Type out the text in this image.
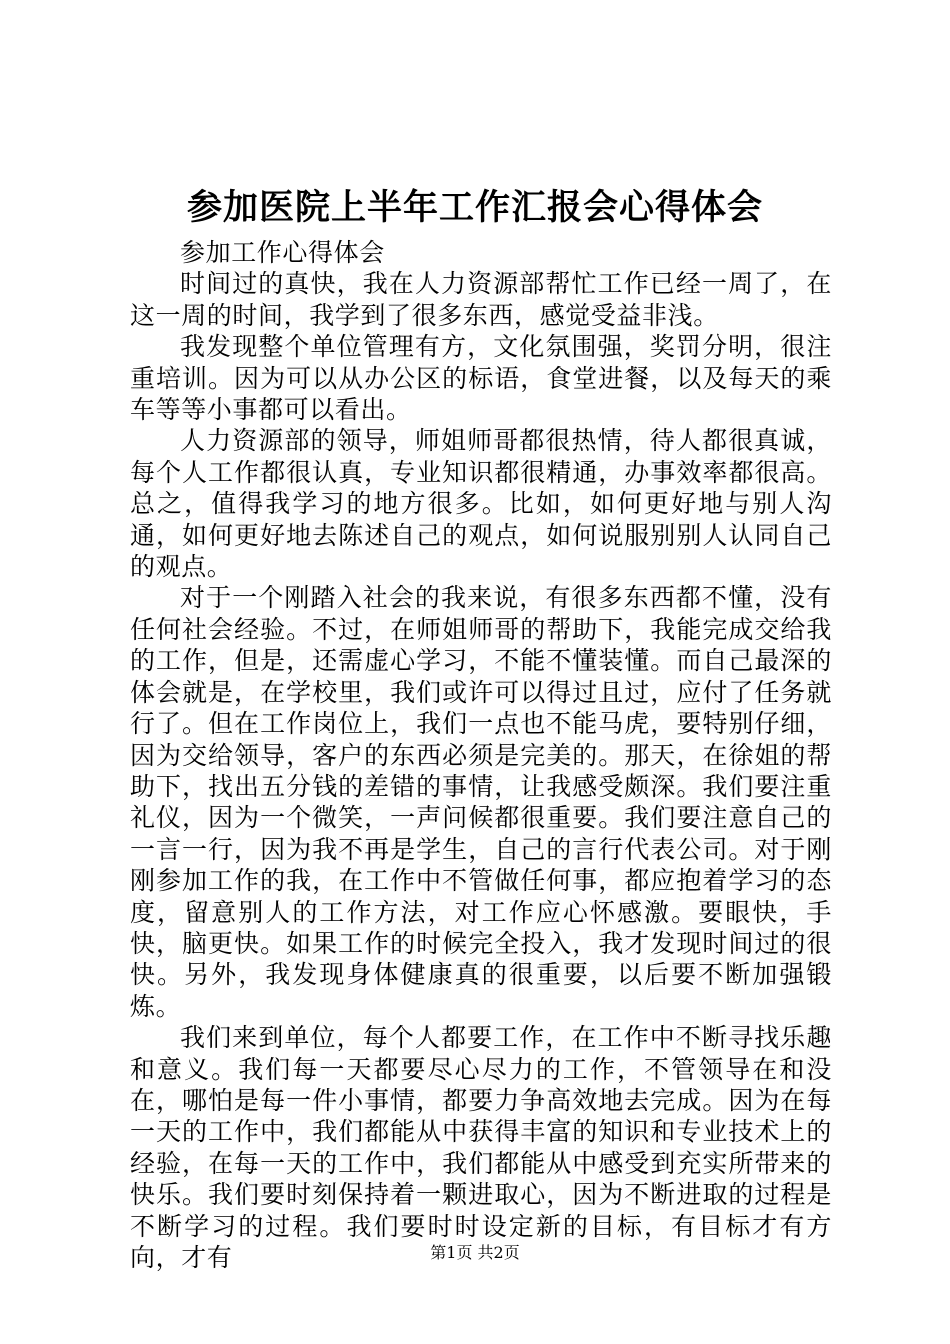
参加医院上半年工作汇报会心得体会

参加工作心得体会

时间过的真快，我在人力资源部帮忙工作已经一周了，在这一周的时间，我学到了很多东西，感觉受益非浅。

我发现整个单位管理有方，文化氛围强，奖罚分明，很注重培训。因为可以从办公区的标语，食堂进餐，以及每天的乘车等等小事都可以看出。

人力资源部的领导，师姐师哥都很热情，待人都很真诚，每个人工作都很认真，专业知识都很精通，办事效率都很高。总之，值得我学习的地方很多。比如，如何更好地与别人沟通，如何更好地去陈述自己的观点，如何说服别别人认同自己的观点。

对于一个刚踏入社会的我来说，有很多东西都不懂，没有任何社会经验。不过，在师姐师哥的帮助下，我能完成交给我的工作，但是，还需虚心学习，不能不懂装懂。而自己最深的体会就是，在学校里，我们或许可以得过且过，应付了任务就行了。但在工作岗位上，我们一点也不能马虎，要特别仔细，因为交给领导，客户的东西必须是完美的。那天，在徐姐的帮助下，找出五分钱的差错的事情，让我感受颇深。我们要注重礼仪，因为一个微笑，一声问候都很重要。我们要注意自己的一言一行，因为我不再是学生，自己的言行代表公司。对于刚刚参加工作的我，在工作中不管做任何事，都应抱着学习的态度，留意别人的工作方法，对工作应心怀感激。要眼快，手快，脑更快。如果工作的时候完全投入，我才发现时间过的很快。另外，我发现身体健康真的很重要，以后要不断加强锻炼。

我们来到单位，每个人都要工作，在工作中不断寻找乐趣和意义。我们每一天都要尽心尽力的工作，不管领导在和没在，哪怕是每一件小事情，都要力争高效地去完成。因为在每一天的工作中，我们都能从中获得丰富的知识和专业技术上的经验，在每一天的工作中，我们都能从中感受到充实所带来的快乐。我们要时刻保持着一颗进取心，因为不断进取的过程是不断学习的过程。我们要时时设定新的目标，有目标才有方向，才有	第1页 共2页
